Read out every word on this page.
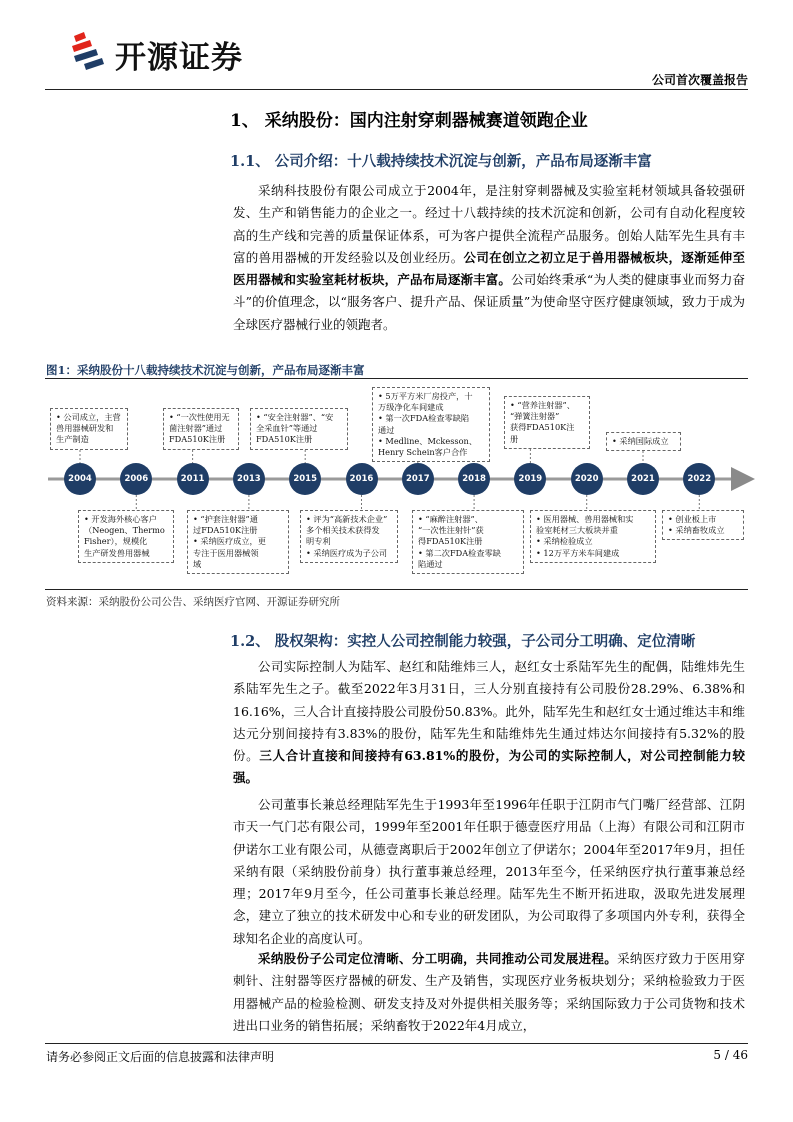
开源证券
公司首次覆盖报告
1、 采纳股份：国内注射穿刺器械赛道领跑企业
1.1、 公司介绍：十八载持续技术沉淀与创新，产品布局逐渐丰富
采纳科技股份有限公司成立于2004年，是注射穿刺器械及实验室耗材领域具备较强研发、生产和销售能力的企业之一。经过十八载持续的技术沉淀和创新，公司有自动化程度较高的生产线和完善的质量保证体系，可为客户提供全流程产品服务。创始人陆军先生具有丰富的兽用器械的开发经验以及创业经历。公司在创立之初立足于兽用器械板块，逐渐延伸至医用器械和实验室耗材板块，产品布局逐渐丰富。公司始终秉承“为人类的健康事业而努力奋斗”的价值理念，以“服务客户、提升产品、保证质量”为使命坚守医疗健康领域，致力于成为全球医疗器械行业的领跑者。
图1：采纳股份十八载持续技术沉淀与创新，产品布局逐渐丰富
2004	2006	2011	2013	2015	2016	2017	2018	2019	2020	2021	2022
• 公司成立，主营
兽用器械研发和
生产制造
• “一次性使用无
菌注射器”通过
FDA510K注册
• “安全注射器”、“安
全采血针”等通过
FDA510K注册
• 5万平方米厂房投产，十
万级净化车间建成
• 第一次FDA检查零缺陷
通过
• Medline、Mckesson、
Henry Schein客户合作
• “营养注射器”、
“弹簧注射器”
获得FDA510K注
册	• 采纳国际成立
• 开发海外核心客户
（Neogen、Thermo
Fisher），规模化
生产研发兽用器械
• “护套注射器”通
过FDA510K注册
• 采纳医疗成立，更
专注于医用器械领
域
• 评为“高新技术企业”
多个相关技术获得发
明专利
• 采纳医疗成为子公司
• “麻醉注射器”、
“一次性注射针”获
得FDA510K注册
• 第二次FDA检查零缺
陷通过
• 医用器械、兽用器械和实
验室耗材三大板块并重
• 采纳检验成立
• 12万平方米车间建成
• 创业板上市
• 采纳畜牧成立
资料来源：采纳股份公司公告、采纳医疗官网、开源证券研究所
1.2、 股权架构：实控人公司控制能力较强，子公司分工明确、定位清晰
公司实际控制人为陆军、赵红和陆维炜三人，赵红女士系陆军先生的配偶，陆维炜先生系陆军先生之子。截至2022年3月31日，三人分别直接持有公司股份28.29%、6.38%和16.16%，三人合计直接持股公司股份50.83%。此外，陆军先生和赵红女士通过维达丰和维达元分别间接持有3.83%的股份，陆军先生和陆维炜先生通过炜达尔间接持有5.32%的股份。三人合计直接和间接持有63.81%的股份，为公司的实际控制人，对公司控制能力较强。
公司董事长兼总经理陆军先生于1993年至1996年任职于江阴市气门嘴厂经营部、江阴市天一气门芯有限公司，1999年至2001年任职于德壹医疗用品（上海）有限公司和江阴市伊诺尔工业有限公司，从德壹离职后于2002年创立了伊诺尔；2004年至2017年9月，担任采纳有限（采纳股份前身）执行董事兼总经理，2013年至今，任采纳医疗执行董事兼总经理；2017年9月至今，任公司董事长兼总经理。陆军先生不断开拓进取，汲取先进发展理念，建立了独立的技术研发中心和专业的研发团队，为公司取得了多项国内外专利，获得全球知名企业的高度认可。
采纳股份子公司定位清晰、分工明确，共同推动公司发展进程。采纳医疗致力于医用穿刺针、注射器等医疗器械的研发、生产及销售，实现医疗业务板块划分；采纳检验致力于医用器械产品的检验检测、研发支持及对外提供相关服务等；采纳国际致力于公司货物和技术进出口业务的销售拓展；采纳畜牧于2022年4月成立，
请务必参阅正文后面的信息披露和法律声明	5 / 46
